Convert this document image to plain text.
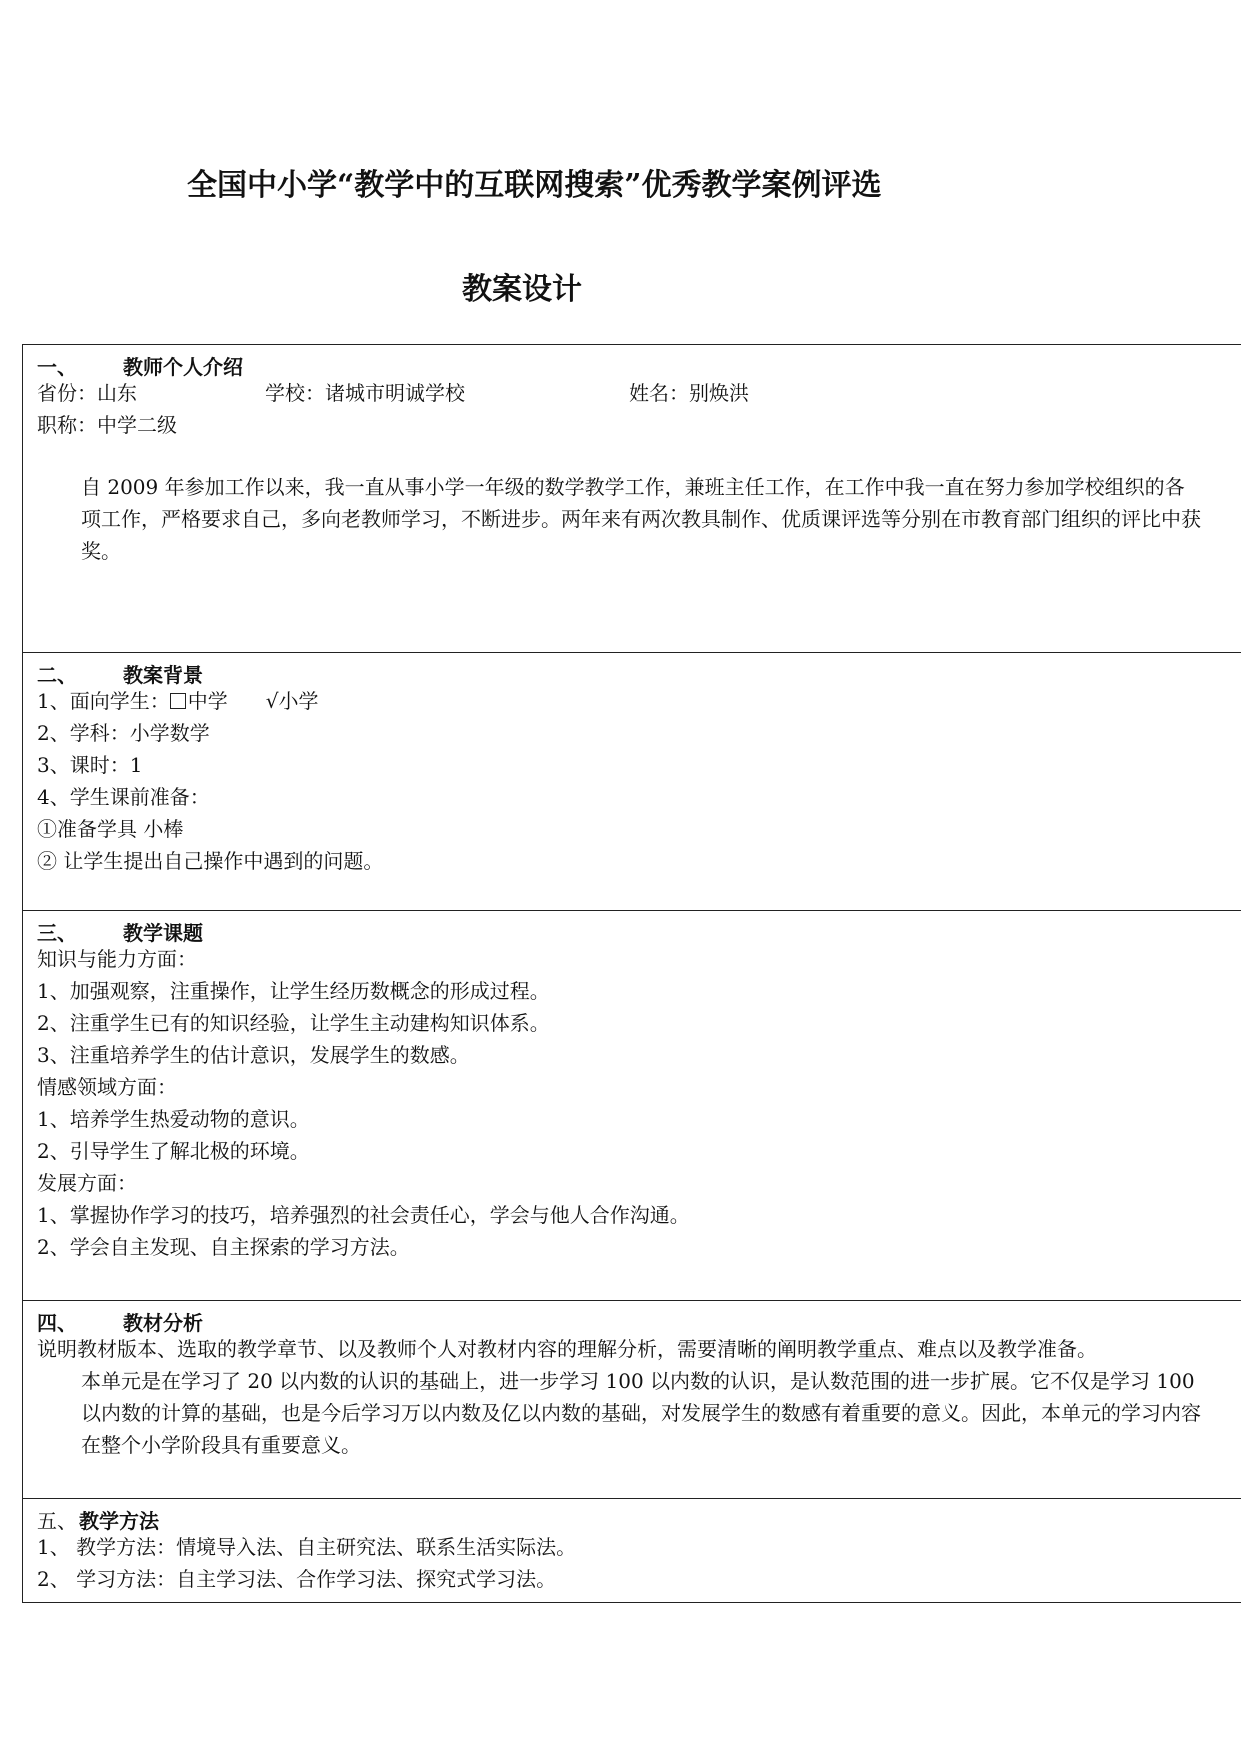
全国中小学“教学中的互联网搜索”优秀教学案例评选
教案设计
一、 教师个人介绍
省份：山东	学校：诸城市明诚学校	姓名：别焕洪
职称：中学二级
自 2009 年参加工作以来，我一直从事小学一年级的数学教学工作，兼班主任工作，在工作中我一直在努力参加学校组织的各项工作，严格要求自己，多向老教师学习，不断进步。两年来有两次教具制作、优质课评选等分别在市教育部门组织的评比中获奖。
二、 教案背景
1、面向学生： 中学 √小学
2、学科：小学数学
3、课时：1
4、学生课前准备：
①准备学具 小棒
② 让学生提出自己操作中遇到的问题。
三、 教学课题
知识与能力方面：
1、加强观察，注重操作，让学生经历数概念的形成过程。
2、注重学生已有的知识经验，让学生主动建构知识体系。
3、注重培养学生的估计意识，发展学生的数感。
情感领域方面：
1、培养学生热爱动物的意识。
2、引导学生了解北极的环境。
发展方面：
1、掌握协作学习的技巧，培养强烈的社会责任心，学会与他人合作沟通。
2、学会自主发现、自主探索的学习方法。
四、 教材分析
说明教材版本、选取的教学章节、以及教师个人对教材内容的理解分析，需要清晰的阐明教学重点、难点以及教学准备。
本单元是在学习了 20 以内数的认识的基础上，进一步学习 100 以内数的认识，是认数范围的进一步扩展。它不仅是学习 100 以内数的计算的基础，也是今后学习万以内数及亿以内数的基础，对发展学生的数感有着重要的意义。因此，本单元的学习内容在整个小学阶段具有重要意义。
五、 教学方法
1、 教学方法：情境导入法、自主研究法、联系生活实际法。
2、 学习方法：自主学习法、合作学习法、探究式学习法。
